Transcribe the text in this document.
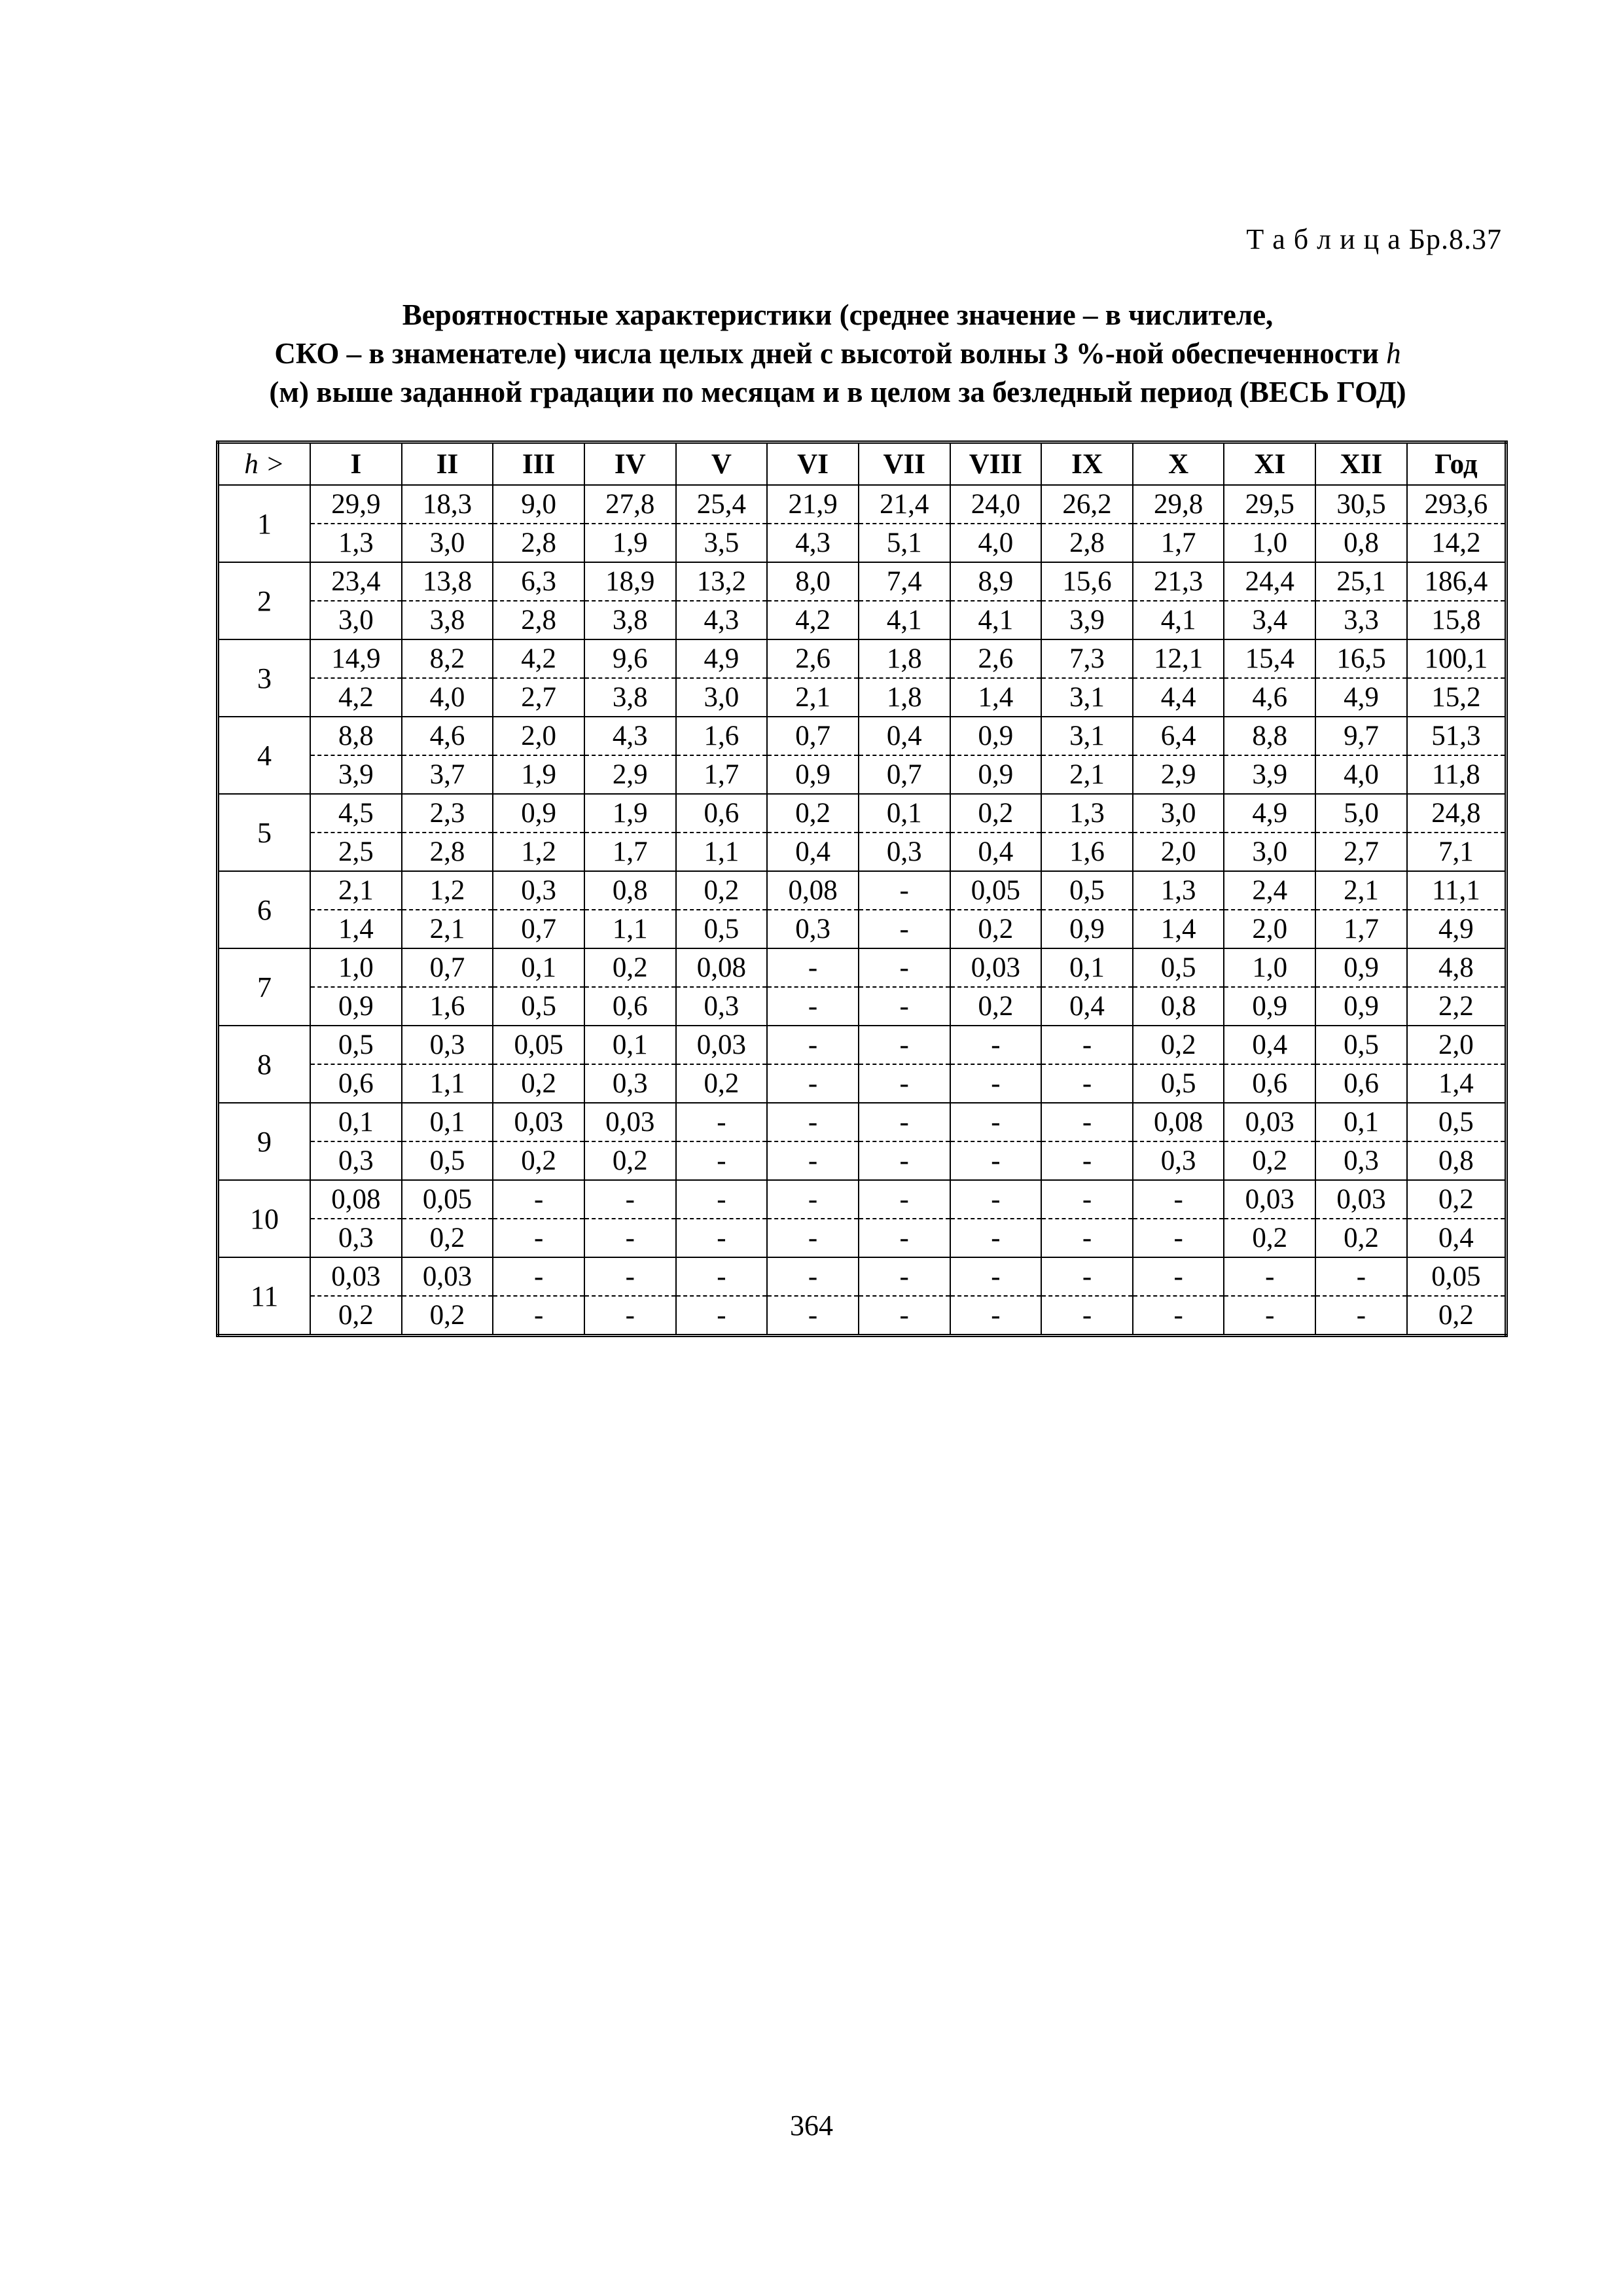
Т а б л и ц а Бр.8.37
Вероятностные характеристики (среднее значение – в числителе,
СКО – в знаменателе) числа целых дней с высотой волны 3 %-ной обеспеченности h
(м) выше заданной градации по месяцам и в целом за безледный период (ВЕСЬ ГОД)
h >	I	II	III	IV	V	VI	VII	VIII	IX	X	XI	XII	Год
1	29,9	18,3	9,0	27,8	25,4	21,9	21,4	24,0	26,2	29,8	29,5	30,5	293,6
	1,3	3,0	2,8	1,9	3,5	4,3	5,1	4,0	2,8	1,7	1,0	0,8	14,2
2	23,4	13,8	6,3	18,9	13,2	8,0	7,4	8,9	15,6	21,3	24,4	25,1	186,4
	3,0	3,8	2,8	3,8	4,3	4,2	4,1	4,1	3,9	4,1	3,4	3,3	15,8
3	14,9	8,2	4,2	9,6	4,9	2,6	1,8	2,6	7,3	12,1	15,4	16,5	100,1
	4,2	4,0	2,7	3,8	3,0	2,1	1,8	1,4	3,1	4,4	4,6	4,9	15,2
4	8,8	4,6	2,0	4,3	1,6	0,7	0,4	0,9	3,1	6,4	8,8	9,7	51,3
	3,9	3,7	1,9	2,9	1,7	0,9	0,7	0,9	2,1	2,9	3,9	4,0	11,8
5	4,5	2,3	0,9	1,9	0,6	0,2	0,1	0,2	1,3	3,0	4,9	5,0	24,8
	2,5	2,8	1,2	1,7	1,1	0,4	0,3	0,4	1,6	2,0	3,0	2,7	7,1
6	2,1	1,2	0,3	0,8	0,2	0,08	-	0,05	0,5	1,3	2,4	2,1	11,1
	1,4	2,1	0,7	1,1	0,5	0,3	-	0,2	0,9	1,4	2,0	1,7	4,9
7	1,0	0,7	0,1	0,2	0,08	-	-	0,03	0,1	0,5	1,0	0,9	4,8
	0,9	1,6	0,5	0,6	0,3	-	-	0,2	0,4	0,8	0,9	0,9	2,2
8	0,5	0,3	0,05	0,1	0,03	-	-	-	-	0,2	0,4	0,5	2,0
	0,6	1,1	0,2	0,3	0,2	-	-	-	-	0,5	0,6	0,6	1,4
9	0,1	0,1	0,03	0,03	-	-	-	-	-	0,08	0,03	0,1	0,5
	0,3	0,5	0,2	0,2	-	-	-	-	-	0,3	0,2	0,3	0,8
10	0,08	0,05	-	-	-	-	-	-	-	-	0,03	0,03	0,2
	0,3	0,2	-	-	-	-	-	-	-	-	0,2	0,2	0,4
11	0,03	0,03	-	-	-	-	-	-	-	-	-	-	0,05
	0,2	0,2	-	-	-	-	-	-	-	-	-	-	0,2
364
